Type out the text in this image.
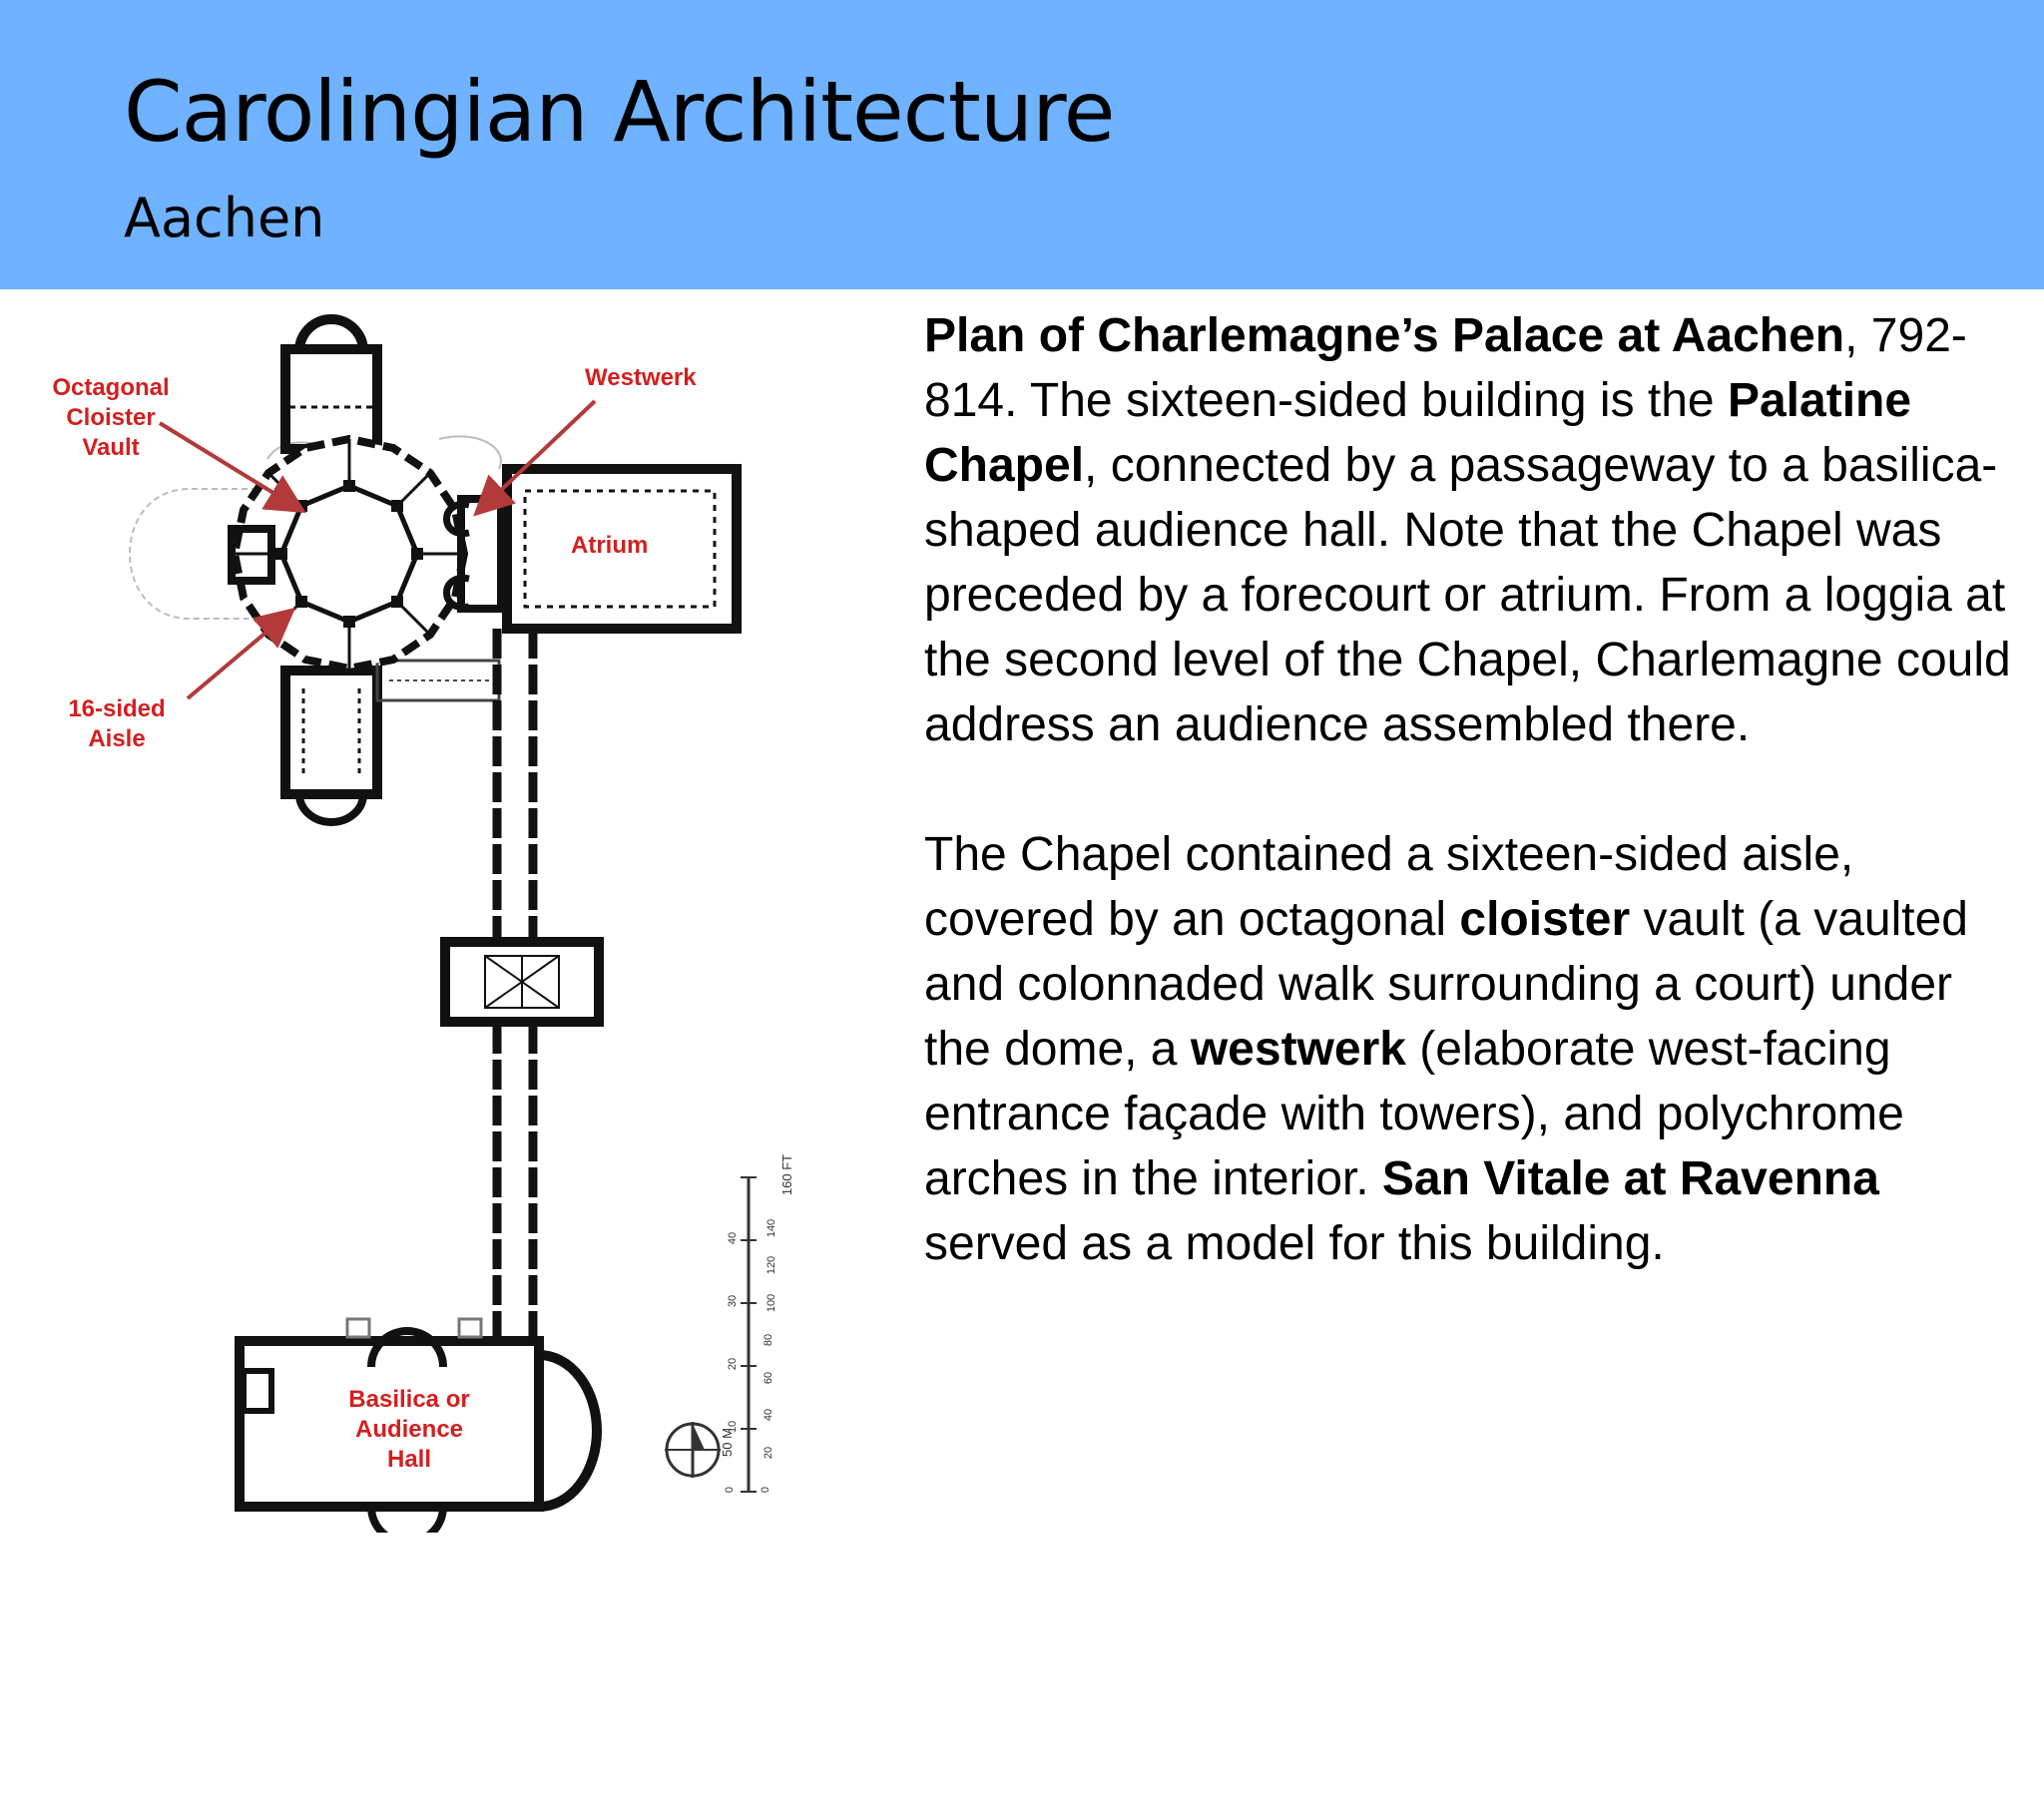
Carolingian Architecture
Aachen
50 M
160 FT
Octagonal
Cloister
Vault
Westwerk
Atrium
16-sided
Aisle
Basilica or
Audience
Hall
0
10
20
30
40
0
20
40
60
80
100
120
140

Plan of Charlemagne’s Palace at Aachen, 792-814. The sixteen-sided building is the Palatine Chapel, connected by a passageway to a basilica-shaped audience hall. Note that the Chapel was preceded by a forecourt or atrium. From a loggia at the second level of the Chapel, Charlemagne could address an audience assembled there.

The Chapel contained a sixteen-sided aisle, covered by an octagonal cloister vault (a vaulted and colonnaded walk surrounding a court) under the dome, a westwerk (elaborate west-facing entrance façade with towers), and polychrome arches in the interior. San Vitale at Ravenna served as a model for this building.
